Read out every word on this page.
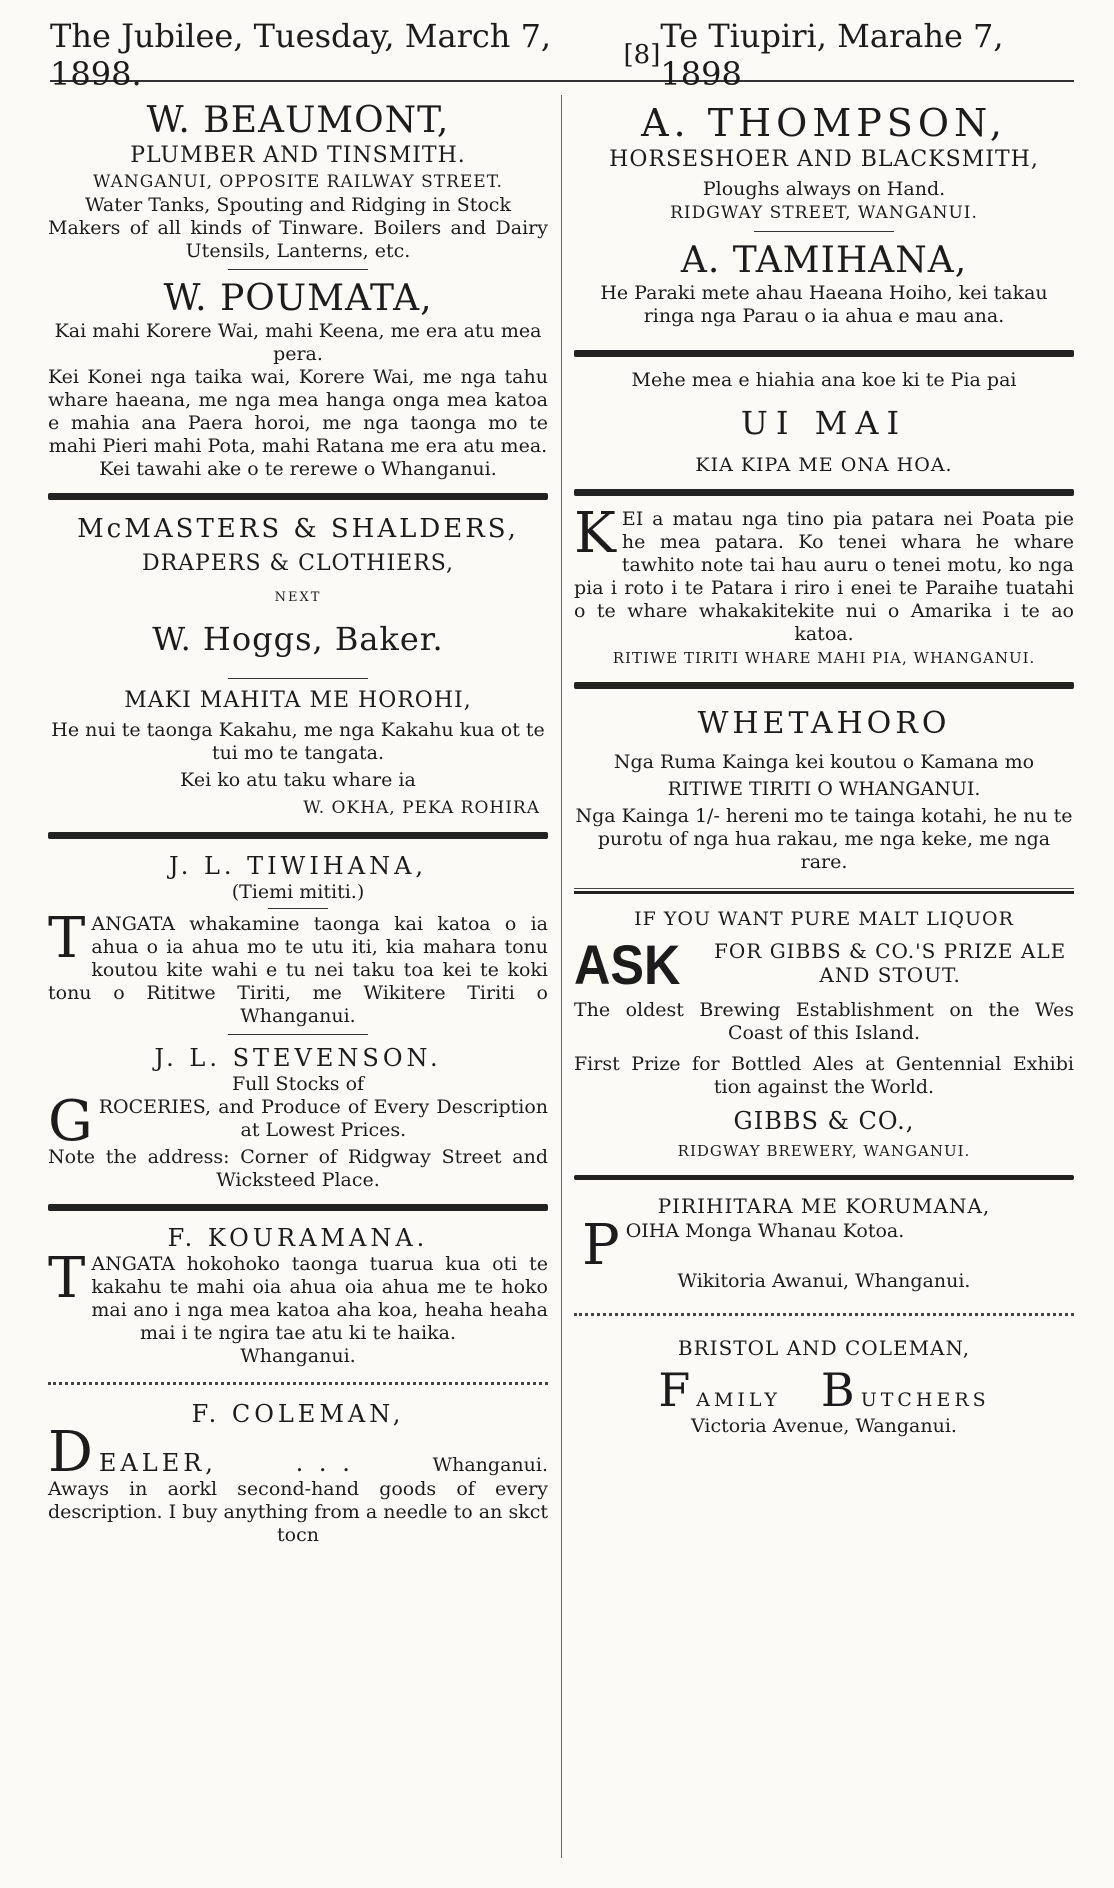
The Jubilee, Tuesday, March 7, 1898.	[8] Te Tiupiri, Marahe 7, 1898

W. BEAUMONT,

PLUMBER AND TINSMITH.
WANGANUI, OPPOSITE RAILWAY STREET.
Water Tanks, Spouting and Ridging in Stock
Makers of all kinds of Tinware. Boilers and Dairy Utensils, Lanterns, etc.

W. POUMATA,

Kai mahi Korere Wai, mahi Keena, me era atu mea pera.
Kei Konei nga taika wai, Korere Wai, me nga tahu whare haeana, me nga mea hanga onga mea katoa e mahia ana Paera horoi, me nga taonga mo te mahi Pieri mahi Pota, mahi Ratana me era atu mea.
Kei tawahi ake o te rerewe o Whanganui.
McMASTERS & SHALDERS,
DRAPERS & CLOTHIERS,
NEXT
W. Hoggs, Baker.
MAKI MAHITA ME HOROHI,
He nui te taonga Kakahu, me nga Kakahu kua ot te tui mo te tangata.
Kei ko atu taku whare ia
W. OKHA, PEKA ROHIRA
J. L. TIWIHANA,
(Tiemi mititi.)
T ANGATA whakamine taonga kai katoa o ia ahua o ia ahua mo te utu iti, kia mahara tonu koutou kite wahi e tu nei taku toa kei te koki tonu o Rititwe Tiriti, me Wikitere Tiriti o Whanganui.
J. L. STEVENSON.
Full Stocks of
G ROCERIES, and Produce of Every Description at Lowest Prices.
Note the address: Corner of Ridgway Street and Wicksteed Place.
F. KOURAMANA.
T ANGATA hokohoko taonga tuarua kua oti te kakahu te mahi oia ahua oia ahua me te hoko mai ano i nga mea katoa aha koa, heaha heaha mai i te ngira tae atu ki te haika.
Whanganui.
F. COLEMAN,
DEALER,	. . .	Whanganui.
Aways in aorkl second-hand goods of every description. I buy anything from a needle to an skct tocn

A. THOMPSON,

HORSESHOER AND BLACKSMITH,
Ploughs always on Hand.
RIDGWAY STREET, WANGANUI.

A. TAMIHANA,

He Paraki mete ahau Haeana Hoiho, kei takau ringa nga Parau o ia ahua e mau ana.
Mehe mea e hiahia ana koe ki te Pia pai
UI MAI
KIA KIPA ME ONA HOA.
K EI a matau nga tino pia patara nei Poata pie he mea patara. Ko tenei whara he whare tawhito note tai hau auru o tenei motu, ko nga pia i roto i te Patara i riro i enei te Paraihe tuatahi o te whare whakakitekite nui o Amarika i te ao katoa.
RITIWE TIRITI WHARE MAHI PIA, WHANGANUI.
WHETAHORO
Nga Ruma Kainga kei koutou o Kamana mo
RITIWE TIRITI O WHANGANUI.
Nga Kainga 1/- hereni mo te tainga kotahi, he nu te purotu of nga hua rakau, me nga keke, me nga rare.
IF YOU WANT PURE MALT LIQUOR
ASK	FOR GIBBS & CO.'S PRIZE ALE AND STOUT.
The oldest Brewing Establishment on the Wes Coast of this Island.
First Prize for Bottled Ales at Gentennial Exhibi tion against the World.
GIBBS & CO.,
RIDGWAY BREWERY, WANGANUI.
PIRIHITARA ME KORUMANA,
P OIHA Monga Whanau Kotoa.
Wikitoria Awanui, Whanganui.
BRISTOL AND COLEMAN,
FAMILY BUTCHERS
Victoria Avenue, Wanganui.
